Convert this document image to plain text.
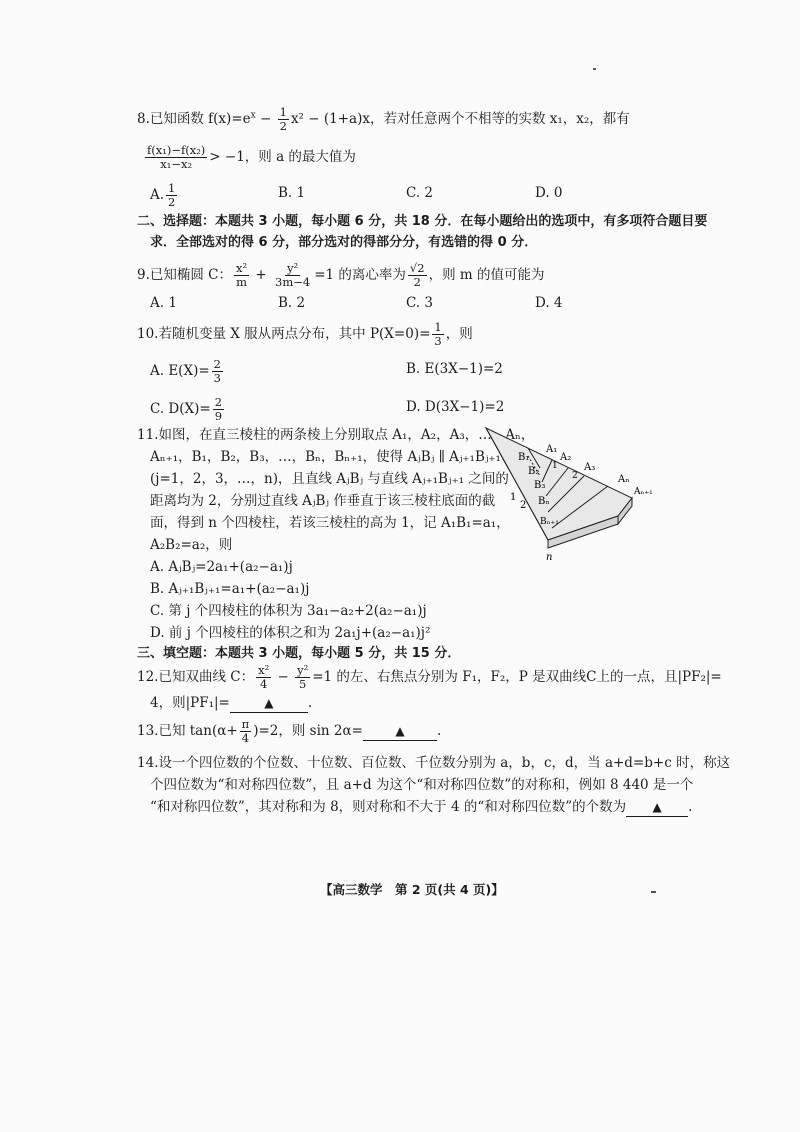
8.已知函数 $f(x)=e^x - \frac{1}{2} x^2 - (1+a)x$，若对任意两个不相等的实数 x₁，x₂，都有
$\frac{\text{f(x₁)−f(x₂)}}{\text{x₁−x₂}} > -1$，则 a 的最大值为
A. $\frac{1}{2}$	B. 1	C. 2	D. 0
二、选择题：本题共 3 小题，每小题 6 分，共 18 分．在每小题给出的选项中，有多项符合题目要
求．全部选对的得 6 分，部分选对的得部分分，有选错的得 0 分．
9.已知椭圆 C： $\frac{\text{x²}}{m} + \frac{\text{y²}}{3m-4} =1$ 的离心率为 $\frac{√2}{2}$ ，则 m 的值可能为
A. 1	B. 2	C. 3	D. 4
10.若随机变量 X 服从两点分布，其中 $P(X=0)= \frac{1}{3}$ ，则
A. $E(X)= \frac{2}{3}$	B. E(3X−1)=2
C. $D(X)= \frac{2}{9}$	D. D(3X−1)=2
11.如图，在直三棱柱的两条棱上分别取点 A₁，A₂，A₃，…，Aₙ，
Aₙ₊₁，B₁，B₂，B₃，…，Bₙ，Bₙ₊₁，使得 AⱼBⱼ ∥ Aⱼ₊₁Bⱼ₊₁
(j=1，2，3，…，n)，且直线 AⱼBⱼ 与直线 Aⱼ₊₁Bⱼ₊₁ 之间的
距离均为 2，分别过直线 AⱼBⱼ 作垂直于该三棱柱底面的截
面，得到 n 个四棱柱，若该三棱柱的高为 1，记 A₁B₁=a₁，
A₂B₂=a₂，则
A. AⱼBⱼ=2a₁+(a₂−a₁)j
B. Aⱼ₊₁Bⱼ₊₁=a₁+(a₂−a₁)j
C. 第 j 个四棱柱的体积为 3a₁−a₂+2(a₂−a₁)j
D. 前 j 个四棱柱的体积之和为 2a₁j+(a₂−a₁)j²
A₁
A₂
A₃
Aₙ
Aₙ₊₁
B₁
B₂
B₃
Bₙ
Bₙ₊₁
1
1
2
2
n
三、填空题：本题共 3 小题，每小题 5 分，共 15 分．
12.已知双曲线 C： $\frac{\text{x²}}{4} - \frac{\text{y²}}{5} =1$ 的左、右焦点分别为 F₁，F₂，P 是双曲线C上的一点，且|PF₂|=
4，则|PF₁|=	▲	.
13.已知 $\tan(\alpha+ \frac{\pi}{4} )=2$，则 sin 2α=	▲ .
14.设一个四位数的个位数、十位数、百位数、千位数分别为 a，b，c，d，当 a+d=b+c 时，称这
个四位数为“和对称四位数”，且 a+d 为这个“和对称四位数”的对称和，例如 8 440 是一个
“和对称四位数”，其对称和为 8，则对称和不大于 4 的“和对称四位数”的个数为 ▲ .
【高三数学　第 2 页(共 4 页)】
